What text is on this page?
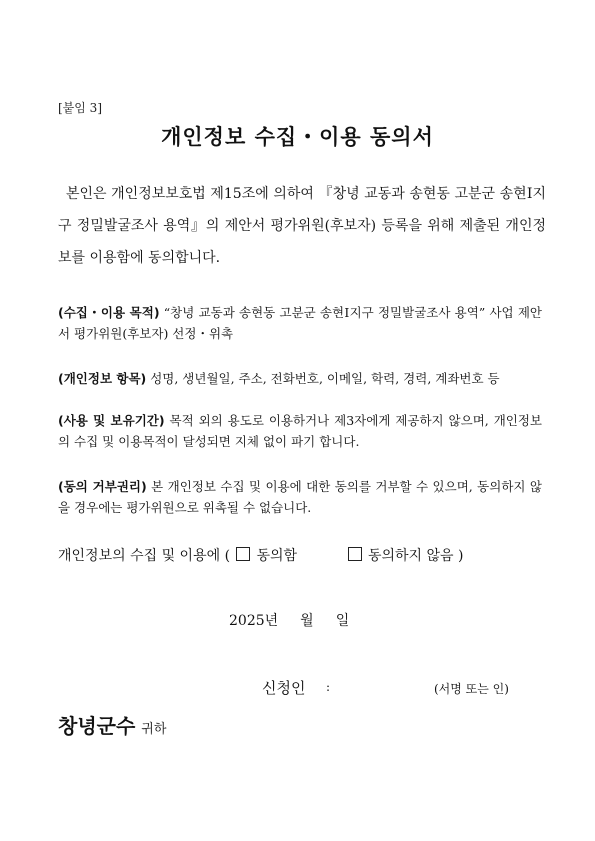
[붙임 3]
개인정보 수집・이용 동의서
본인은 개인정보보호법 제15조에 의하여 『창녕 교동과 송현동 고분군 송현Ⅰ지구 정밀발굴조사 용역』의 제안서 평가위원(후보자) 등록을 위해 제출된 개인정보를 이용함에 동의합니다.
(수집・이용 목적) “창녕 교동과 송현동 고분군 송현Ⅰ지구 정밀발굴조사 용역” 사업 제안서 평가위원(후보자) 선정・위촉
(개인정보 항목) 성명, 생년월일, 주소, 전화번호, 이메일, 학력, 경력, 계좌번호 등
(사용 및 보유기간) 목적 외의 용도로 이용하거나 제3자에게 제공하지 않으며, 개인정보의 수집 및 이용목적이 달성되면 지체 없이 파기 합니다.
(동의 거부권리) 본 개인정보 수집 및 이용에 대한 동의를 거부할 수 있으며, 동의하지 않을 경우에는 평가위원으로 위촉될 수 없습니다.
개인정보의 수집 및 이용에 ( 동의함	동의하지 않음 )
2025년 월 일
신청인 :	(서명 또는 인)
창녕군수 귀하
